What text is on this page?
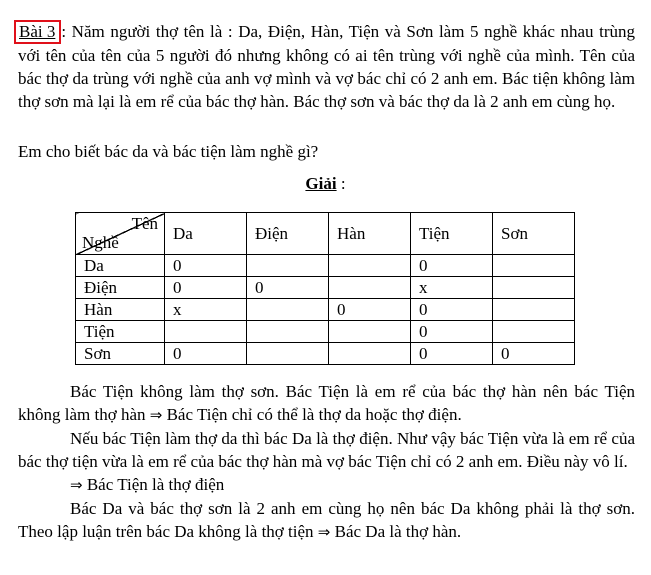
Bài 3 : Năm người thợ tên là : Da, Điện, Hàn, Tiện và Sơn làm 5 nghề khác nhau trùng với tên của tên của 5 người đó nhưng không có ai tên trùng với nghề của mình. Tên của bác thợ da trùng với nghề của anh vợ mình và vợ bác chỉ có 2 anh em. Bác tiện không làm thợ sơn mà lại là em rể của bác thợ hàn. Bác thợ sơn và bác thợ da là 2 anh em cùng họ.
Em cho biết bác da và bác tiện làm nghề gì?
Giải :
Tên
Nghề	Da	Điện	Hàn	Tiện	Sơn
Da	0			0	
Điện	0	0		x	
Hàn	x		0	0	
Tiện				0	
Sơn	0			0	0

Bác Tiện không làm thợ sơn. Bác Tiện là em rể của bác thợ hàn nên bác Tiện không làm thợ hàn ⇒ Bác Tiện chỉ có thể là thợ da hoặc thợ điện.

Nếu bác Tiện làm thợ da thì bác Da là thợ điện. Như vậy bác Tiện vừa là em rể của bác thợ tiện vừa là em rể của bác thợ hàn mà vợ bác Tiện chỉ có 2 anh em. Điều này vô lí.

⇒ Bác Tiện là thợ điện

Bác Da và bác thợ sơn là 2 anh em cùng họ nên bác Da không phải là thợ sơn. Theo lập luận trên bác Da không là thợ tiện ⇒ Bác Da là thợ hàn.
